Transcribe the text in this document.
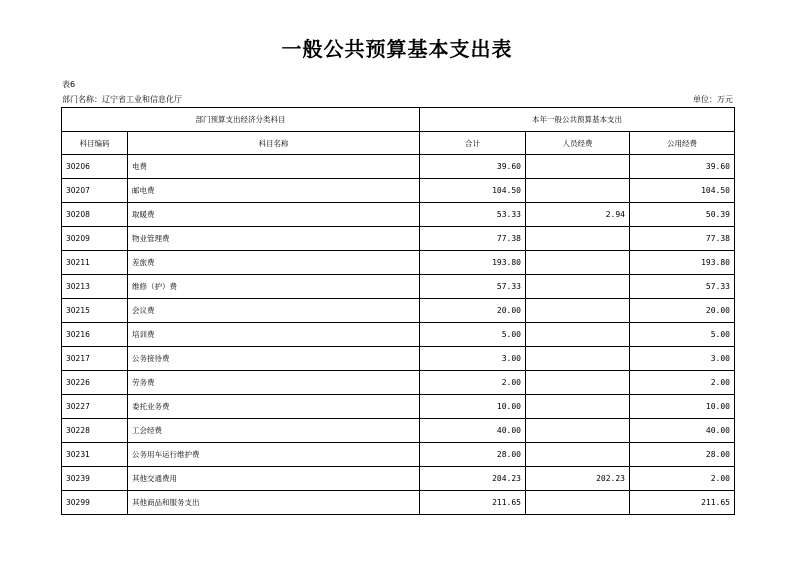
一般公共预算基本支出表
表6
部门名称：辽宁省工业和信息化厅	单位：万元
部门预算支出经济分类科目		本年一般公共预算基本支出		
科目编码	科目名称	合计	人员经费	公用经费
30206	电费	39.60		39.60
30207	邮电费	104.50		104.50
30208	取暖费	53.33	2.94	50.39
30209	物业管理费	77.38		77.38
30211	差旅费	193.80		193.80
30213	维修（护）费	57.33		57.33
30215	会议费	20.00		20.00
30216	培训费	5.00		5.00
30217	公务接待费	3.00		3.00
30226	劳务费	2.00		2.00
30227	委托业务费	10.00		10.00
30228	工会经费	40.00		40.00
30231	公务用车运行维护费	28.00		28.00
30239	其他交通费用	204.23	202.23	2.00
30299	其他商品和服务支出	211.65		211.65
